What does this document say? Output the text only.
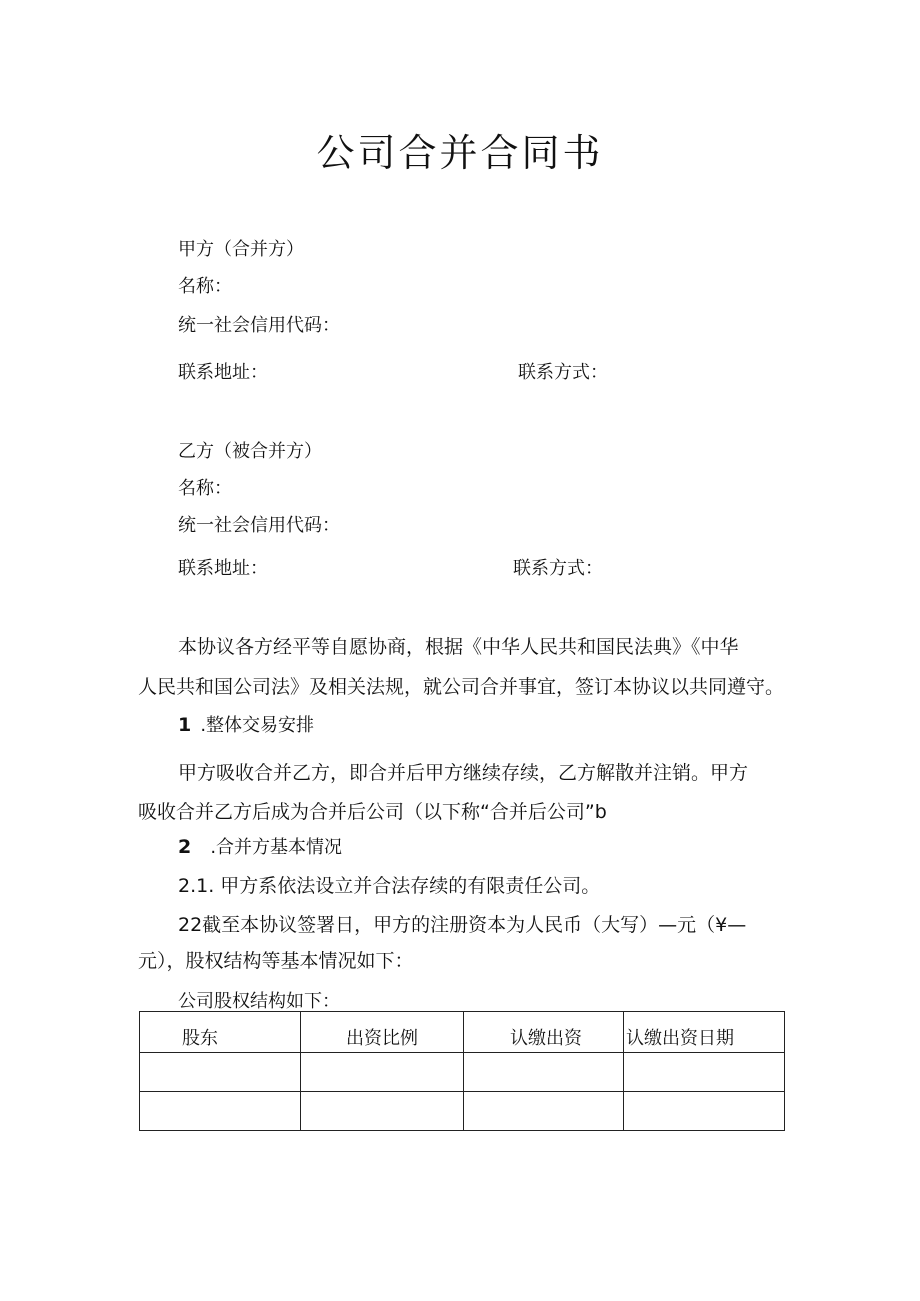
公司合并合同书
甲方（合并方）
名称：
统一社会信用代码：
联系地址：	联系方式：
乙方（被合并方）
名称：
统一社会信用代码：
联系地址：	联系方式：
本协议各方经平等自愿协商，根据《中华人民共和国民法典》《中华
人民共和国公司法》及相关法规，就公司合并事宜，签订本协议以共同遵守。
1 .整体交易安排
甲方吸收合并乙方，即合并后甲方继续存续，乙方解散并注销。甲方
吸收合并乙方后成为合并后公司（以下称“合并后公司”b
2 .合并方基本情况
2.1. 甲方系依法设立并合法存续的有限责任公司。
22截至本协议签署日，甲方的注册资本为人民币（大写）—元（¥—
元），股权结构等基本情况如下：
公司股权结构如下：
股东	出资比例	认缴出资	认缴出资日期
